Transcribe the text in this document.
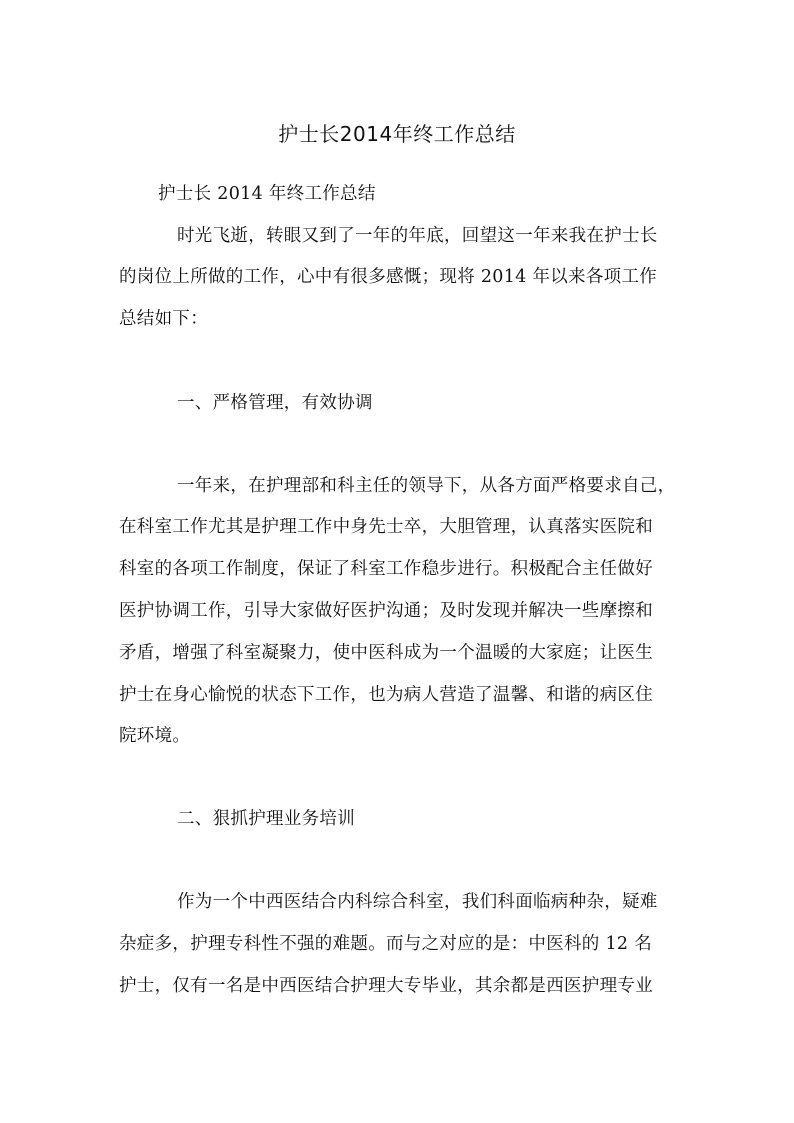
护士长2014年终工作总结
护士长 2014 年终工作总结
时光飞逝，转眼又到了一年的年底，回望这一年来我在护士长
的岗位上所做的工作，心中有很多感慨；现将 2014 年以来各项工作
总结如下：
一、严格管理，有效协调
一年来，在护理部和科主任的领导下，从各方面严格要求自己，
在科室工作尤其是护理工作中身先士卒，大胆管理，认真落实医院和
科室的各项工作制度，保证了科室工作稳步进行。积极配合主任做好
医护协调工作，引导大家做好医护沟通；及时发现并解决一些摩擦和
矛盾，增强了科室凝聚力，使中医科成为一个温暖的大家庭；让医生
护士在身心愉悦的状态下工作，也为病人营造了温馨、和谐的病区住
院环境。
二、狠抓护理业务培训
作为一个中西医结合内科综合科室，我们科面临病种杂，疑难
杂症多，护理专科性不强的难题。而与之对应的是：中医科的 12 名
护士，仅有一名是中西医结合护理大专毕业，其余都是西医护理专业
